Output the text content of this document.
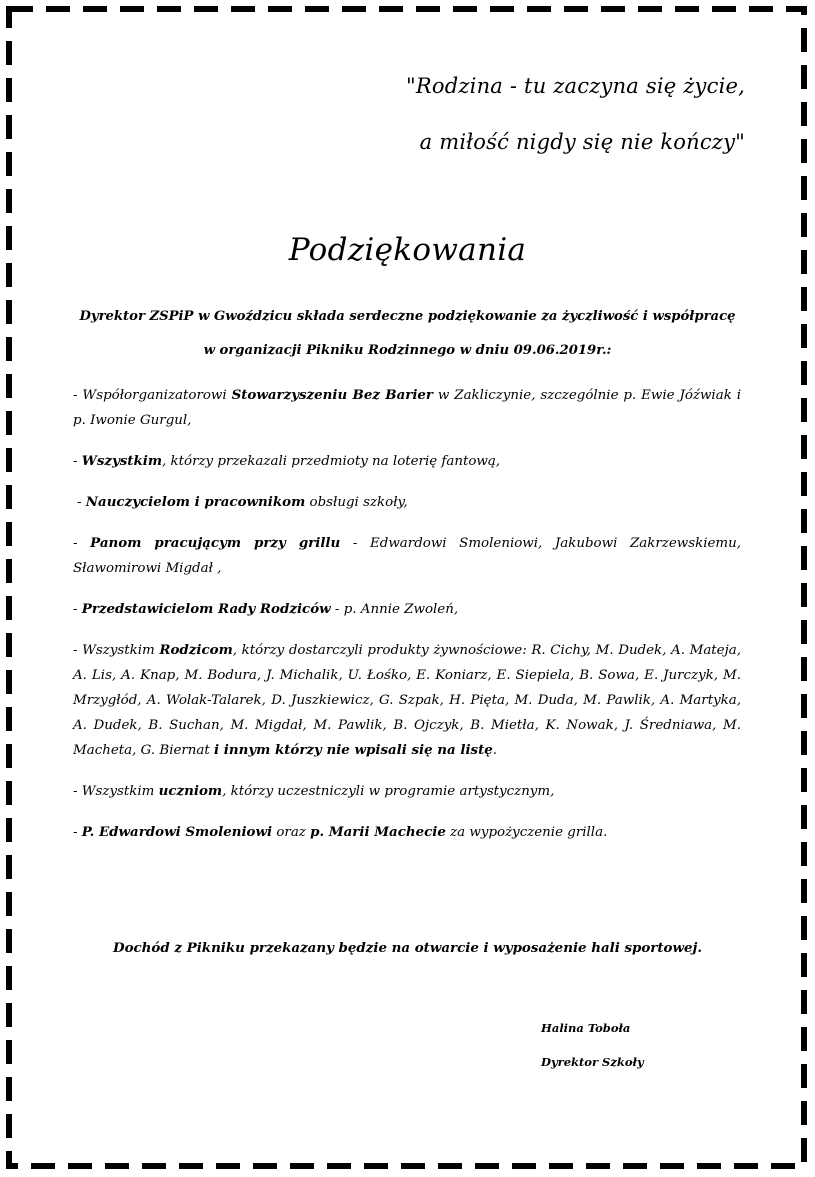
"Rodzina - tu zaczyna się życie,
a miłość nigdy się nie kończy"
Podziękowania
Dyrektor ZSPiP w Gwoździcu składa serdeczne podziękowanie za życzliwość i współpracę
w organizacji Pikniku Rodzinnego w dniu 09.06.2019r.:

- Współorganizatorowi Stowarzyszeniu Bez Barier w Zakliczynie, szczególnie p. Ewie Jóźwiak i p. Iwonie Gurgul,

- Wszystkim, którzy przekazali przedmioty na loterię fantową,

- Nauczycielom i pracownikom obsługi szkoły,

- Panom pracującym przy grillu - Edwardowi Smoleniowi, Jakubowi Zakrzewskiemu, Sławomirowi Migdał ,

- Przedstawicielom Rady Rodziców - p. Annie Zwoleń,

- Wszystkim Rodzicom, którzy dostarczyli produkty żywnościowe: R. Cichy, M. Dudek, A. Mateja, A. Lis, A. Knap, M. Bodura, J. Michalik, U. Łośko, E. Koniarz, E. Siepiela, B. Sowa, E. Jurczyk, M. Mrzygłód, A. Wolak-Talarek, D. Juszkiewicz, G. Szpak, H. Pięta, M. Duda, M. Pawlik, A. Martyka, A. Dudek, B. Suchan, M. Migdał, M. Pawlik, B. Ojczyk, B. Mietła, K. Nowak, J. Średniawa, M. Macheta, G. Biernat i innym którzy nie wpisali się na listę.

- Wszystkim uczniom, którzy uczestniczyli w programie artystycznym,

- P. Edwardowi Smoleniowi oraz p. Marii Machecie za wypożyczenie grilla.

Dochód z Pikniku przekazany będzie na otwarcie i wyposażenie hali sportowej.
Halina Toboła
Dyrektor Szkoły
